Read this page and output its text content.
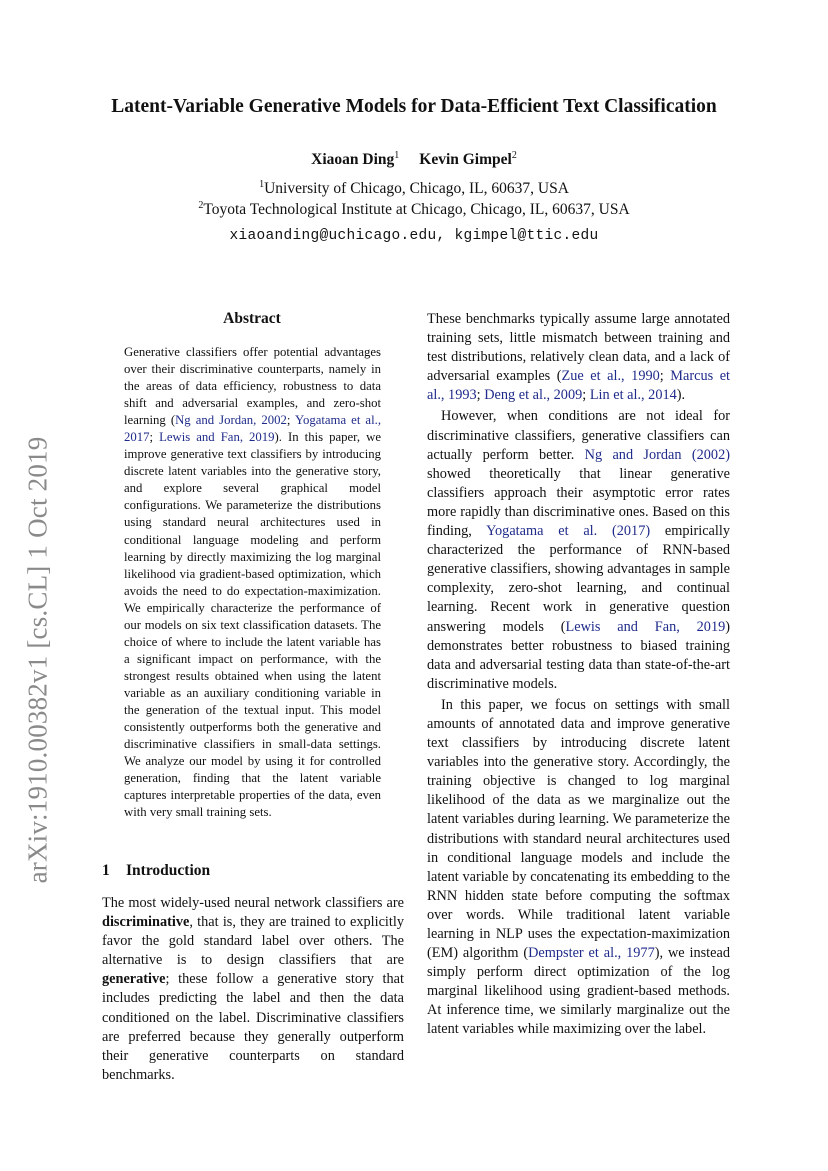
arXiv:1910.00382v1 [cs.CL] 1 Oct 2019
Latent-Variable Generative Models for Data-Efficient Text Classification
Xiaoan Ding$^1$ Kevin Gimpel$^2$
$^1$University of Chicago, Chicago, IL, 60637, USA
$^2$Toyota Technological Institute at Chicago, Chicago, IL, 60637, USA
xiaoanding@uchicago.edu, kgimpel@ttic.edu
Abstract

Generative classifiers offer potential advantages over their discriminative counterparts, namely in the areas of data efficiency, robustness to data shift and adversarial examples, and zero-shot learning (Ng and Jordan, 2002; Yogatama et al., 2017; Lewis and Fan, 2019). In this paper, we improve generative text classifiers by introducing discrete latent variables into the generative story, and explore several graphical model configurations. We parameterize the distributions using standard neural architectures used in conditional language modeling and perform learning by directly maximizing the log marginal likelihood via gradient-based optimization, which avoids the need to do expectation-maximization. We empirically characterize the performance of our models on six text classification datasets. The choice of where to include the latent variable has a significant impact on performance, with the strongest results obtained when using the latent variable as an auxiliary conditioning variable in the generation of the textual input. This model consistently outperforms both the generative and discriminative classifiers in small-data settings. We analyze our model by using it for controlled generation, finding that the latent variable captures interpretable properties of the data, even with very small training sets.

1 Introduction

The most widely-used neural network classifiers are discriminative, that is, they are trained to explicitly favor the gold standard label over others. The alternative is to design classifiers that are generative; these follow a generative story that includes predicting the label and then the data conditioned on the label. Discriminative classifiers are preferred because they generally outperform their generative counterparts on standard benchmarks.

These benchmarks typically assume large annotated training sets, little mismatch between training and test distributions, relatively clean data, and a lack of adversarial examples (Zue et al., 1990; Marcus et al., 1993; Deng et al., 2009; Lin et al., 2014).

However, when conditions are not ideal for discriminative classifiers, generative classifiers can actually perform better. Ng and Jordan (2002) showed theoretically that linear generative classifiers approach their asymptotic error rates more rapidly than discriminative ones. Based on this finding, Yogatama et al. (2017) empirically characterized the performance of RNN-based generative classifiers, showing advantages in sample complexity, zero-shot learning, and continual learning. Recent work in generative question answering models (Lewis and Fan, 2019) demonstrates better robustness to biased training data and adversarial testing data than state-of-the-art discriminative models.

In this paper, we focus on settings with small amounts of annotated data and improve generative text classifiers by introducing discrete latent variables into the generative story. Accordingly, the training objective is changed to log marginal likelihood of the data as we marginalize out the latent variables during learning. We parameterize the distributions with standard neural architectures used in conditional language models and include the latent variable by concatenating its embedding to the RNN hidden state before computing the softmax over words. While traditional latent variable learning in NLP uses the expectation-maximization (EM) algorithm (Dempster et al., 1977), we instead simply perform direct optimization of the log marginal likelihood using gradient-based methods. At inference time, we similarly marginalize out the latent variables while maximizing over the label.
